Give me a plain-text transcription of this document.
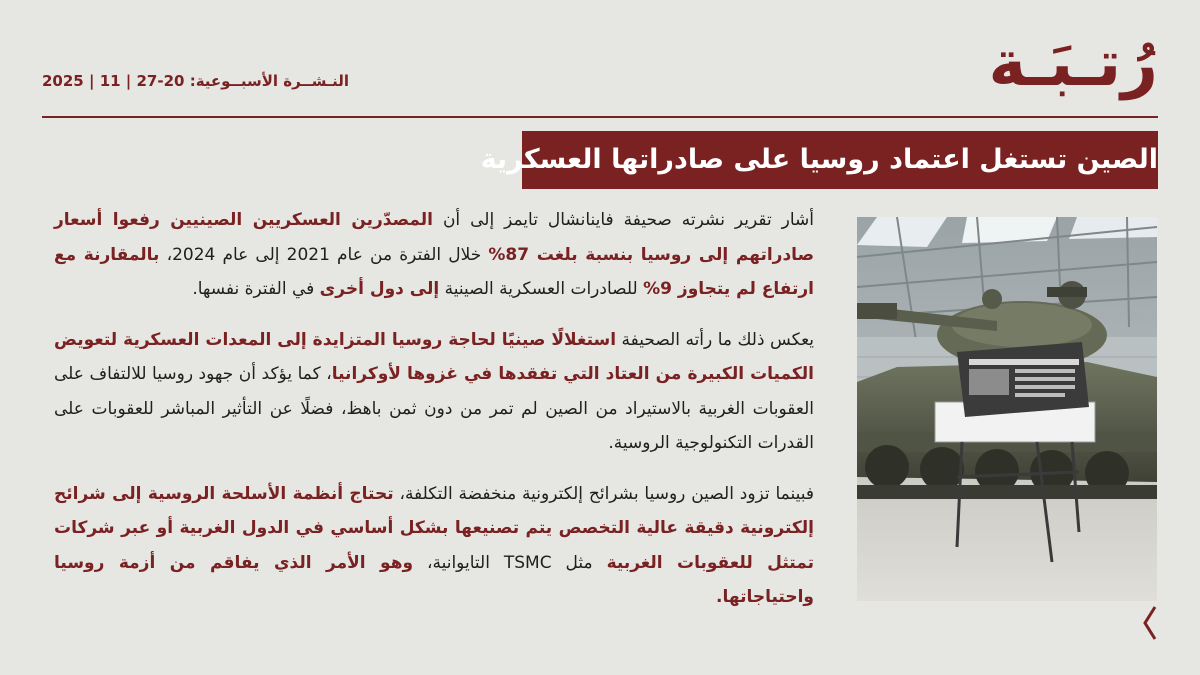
رُتـبَـة
النـشــرة الأسبــوعية: 20-27 | 11 | 2025
الصين تستغل اعتماد روسيا على صادراتها العسكرية

أشار تقرير نشرته صحيفة فاينانشال تايمز إلى أن المصدّرين العسكريين الصينيين رفعوا أسعار صادراتهم إلى روسيا بنسبة بلغت 87% خلال الفترة من عام 2021 إلى عام 2024، بالمقارنة مع ارتفاع لم يتجاوز 9% للصادرات العسكرية الصينية إلى دول أخرى في الفترة نفسها.

يعكس ذلك ما رأته الصحيفة استغلالًا صينيًا لحاجة روسيا المتزايدة إلى المعدات العسكرية لتعويض الكميات الكبيرة من العتاد التي تفقدها في غزوها لأوكرانيا، كما يؤكد أن جهود روسيا للالتفاف على العقوبات الغربية بالاستيراد من الصين لم تمر من دون ثمن باهظ، فضلًا عن التأثير المباشر للعقوبات على القدرات التكنولوجية الروسية.

فبينما تزود الصين روسيا بشرائح إلكترونية منخفضة التكلفة، تحتاج أنظمة الأسلحة الروسية إلى شرائح إلكترونية دقيقة عالية التخصص يتم تصنيعها بشكل أساسي في الدول الغربية أو عبر شركات تمتثل للعقوبات الغربية مثل TSMC التايوانية، وهو الأمر الذي يفاقم من أزمة روسيا واحتياجاتها.
